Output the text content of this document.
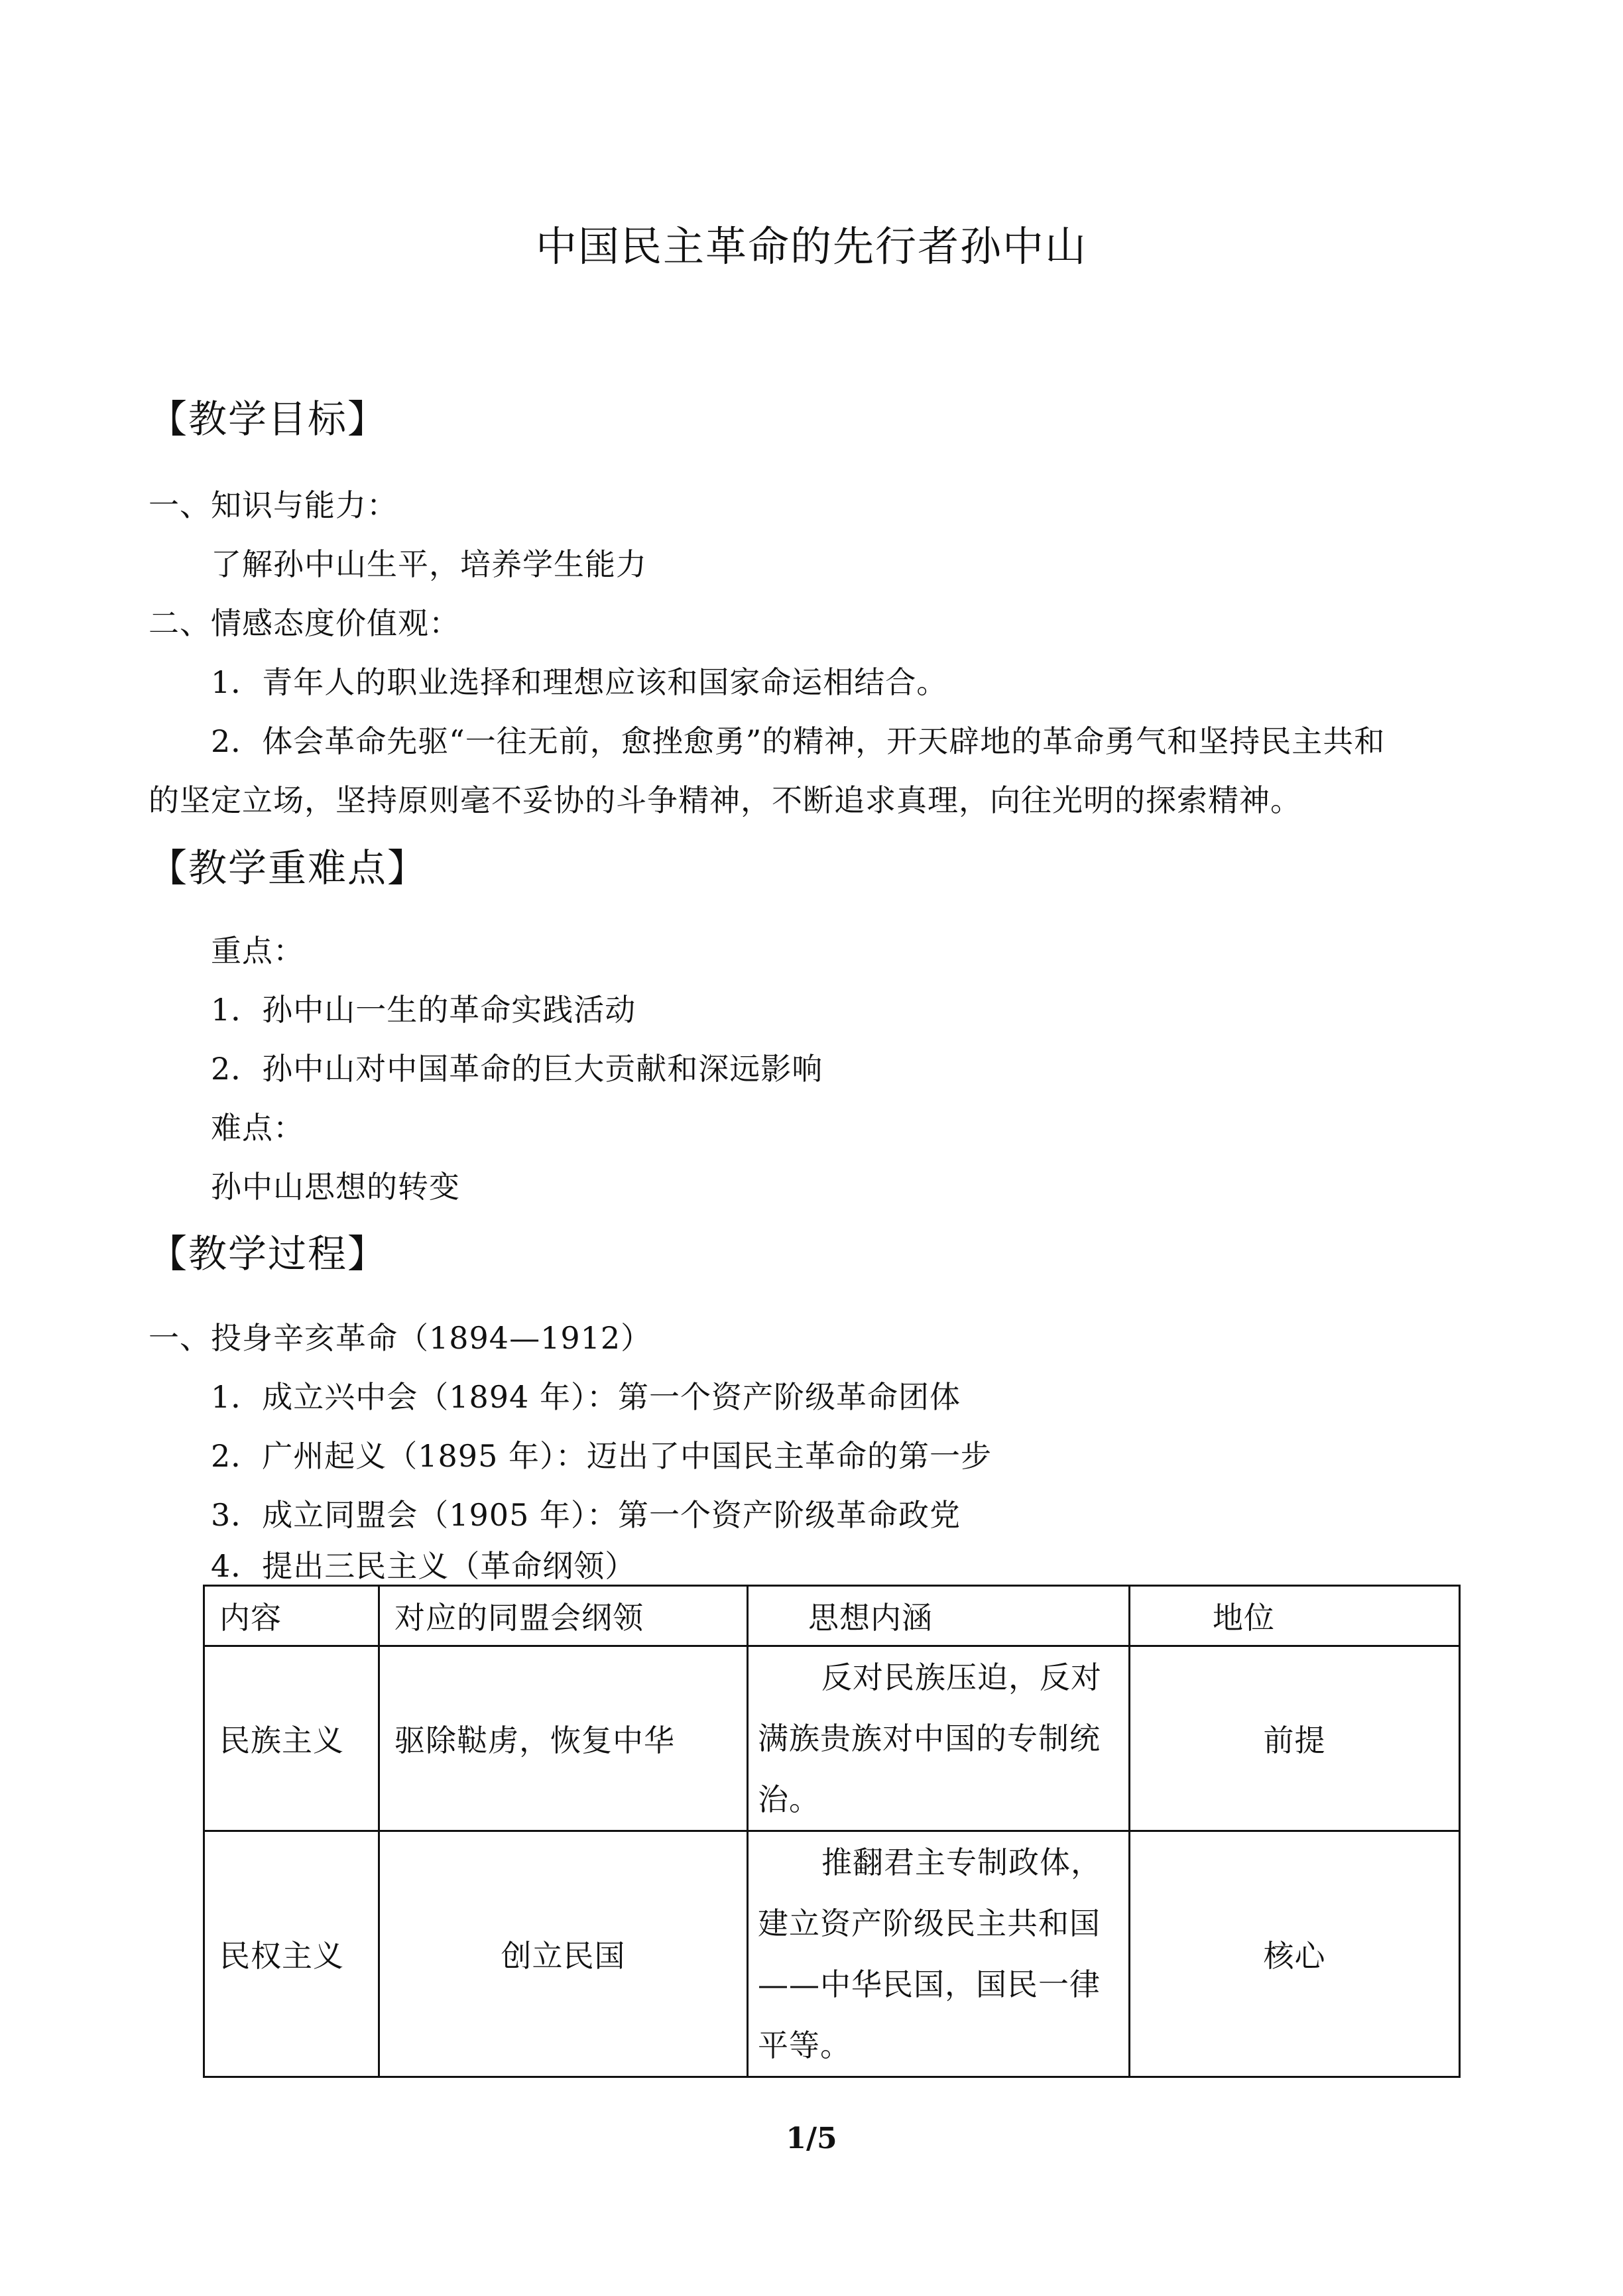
中国民主革命的先行者孙中山
【教学目标】
一、知识与能力：
了解孙中山生平，培养学生能力
二、情感态度价值观：
1．青年人的职业选择和理想应该和国家命运相结合。
2．体会革命先驱“一往无前，愈挫愈勇”的精神，开天辟地的革命勇气和坚持民主共和
的坚定立场，坚持原则毫不妥协的斗争精神，不断追求真理，向往光明的探索精神。
【教学重难点】
重点：
1．孙中山一生的革命实践活动
2．孙中山对中国革命的巨大贡献和深远影响
难点：
孙中山思想的转变
【教学过程】
一、投身辛亥革命（1894—1912）
1．成立兴中会（1894 年）：第一个资产阶级革命团体
2．广州起义（1895 年）：迈出了中国民主革命的第一步
3．成立同盟会（1905 年）：第一个资产阶级革命政党
4．提出三民主义（革命纲领）
内容	对应的同盟会纲领	思想内涵	地位
民族主义	驱除鞑虏，恢复中华	反对民族压迫，反对满族贵族对中国的专制统治。	前提
民权主义	创立民国	推翻君主专制政体，建立资产阶级民主共和国——中华民国，国民一律平等。	核心
1/5
